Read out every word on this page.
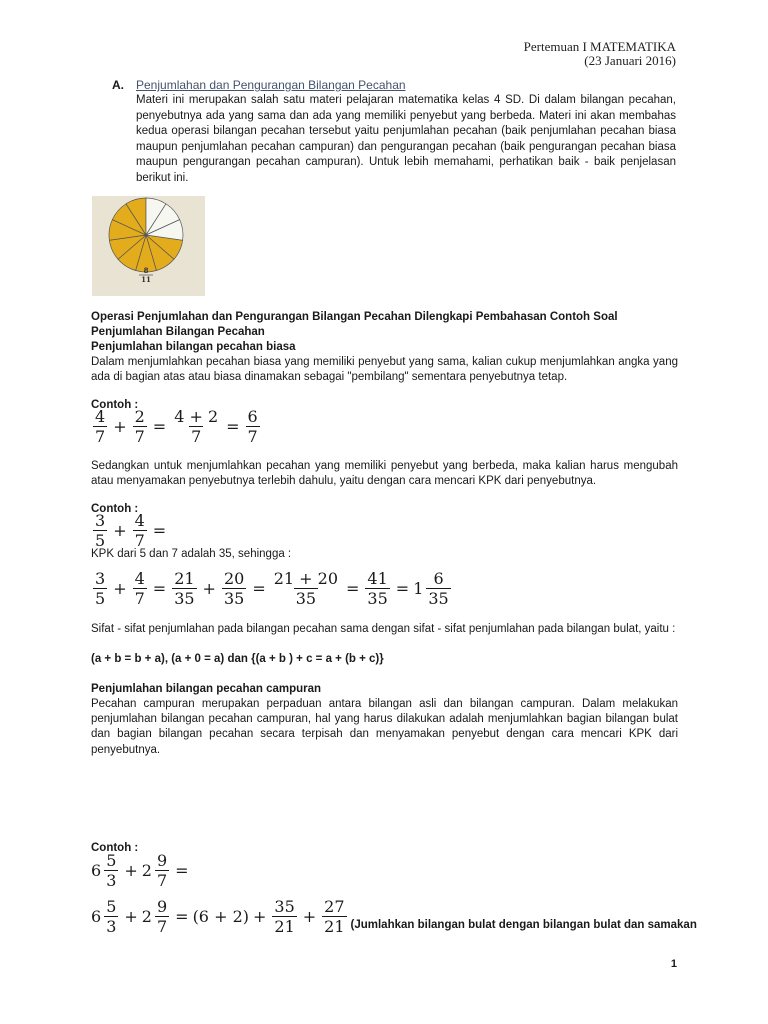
Pertemuan I MATEMATIKA
(23 Januari 2016)
A. Penjumlahan dan Pengurangan Bilangan Pecahan
Materi ini merupakan salah satu materi pelajaran matematika kelas 4 SD. Di dalam bilangan pecahan, penyebutnya ada yang sama dan ada yang memiliki penyebut yang berbeda. Materi ini akan membahas kedua operasi bilangan pecahan tersebut yaitu penjumlahan pecahan (baik penjumlahan pecahan biasa maupun penjumlahan pecahan campuran) dan pengurangan pecahan (baik pengurangan pecahan biasa maupun pengurangan pecahan campuran). Untuk lebih memahami, perhatikan baik - baik penjelasan berikut ini.
8
11
Operasi Penjumlahan dan Pengurangan Bilangan Pecahan Dilengkapi Pembahasan Contoh Soal
Penjumlahan Bilangan Pecahan
Penjumlahan bilangan pecahan biasa
Dalam menjumlahkan pecahan biasa yang memiliki penyebut yang sama, kalian cukup menjumlahkan angka yang ada di bagian atas atau biasa dinamakan sebagai "pembilang" sementara penyebutnya tetap.
Contoh :
$\frac{4}{7} + \frac{2}{7} = \frac{4 + 2}{7} = \frac{6}{7}$
Sedangkan untuk menjumlahkan pecahan yang memiliki penyebut yang berbeda, maka kalian harus mengubah atau menyamakan penyebutnya terlebih dahulu, yaitu dengan cara mencari KPK dari penyebutnya.
Contoh :
$\frac{3}{5} + \frac{4}{7}$ =
KPK dari 5 dan 7 adalah 35, sehingga :
$\frac{3}{5} + \frac{4}{7} = \frac{21}{35} + \frac{20}{35} = \frac{21 + 20}{35} = \frac{41}{35} = 1 \frac{6}{35}$
Sifat - sifat penjumlahan pada bilangan pecahan sama dengan sifat - sifat penjumlahan pada bilangan bulat, yaitu :
(a + b = b + a), (a + 0 = a) dan {(a + b ) + c = a + (b + c)}
Penjumlahan bilangan pecahan campuran
Pecahan campuran merupakan perpaduan antara bilangan asli dan bilangan campuran. Dalam melakukan penjumlahan bilangan pecahan campuran, hal yang harus dilakukan adalah menjumlahkan bagian bilangan bulat dan bagian bilangan pecahan secara terpisah dan menyamakan penyebut dengan cara mencari KPK dari penyebutnya.
Contoh :
$6 \frac{5}{3} + 2 \frac{9}{7}$ =
$6 \frac{5}{3} + 2 \frac{9}{7} = (6 + 2) + \frac{35}{21} + \frac{27}{21}$ (Jumlahkan bilangan bulat dengan bilangan bulat dan samakan
1
